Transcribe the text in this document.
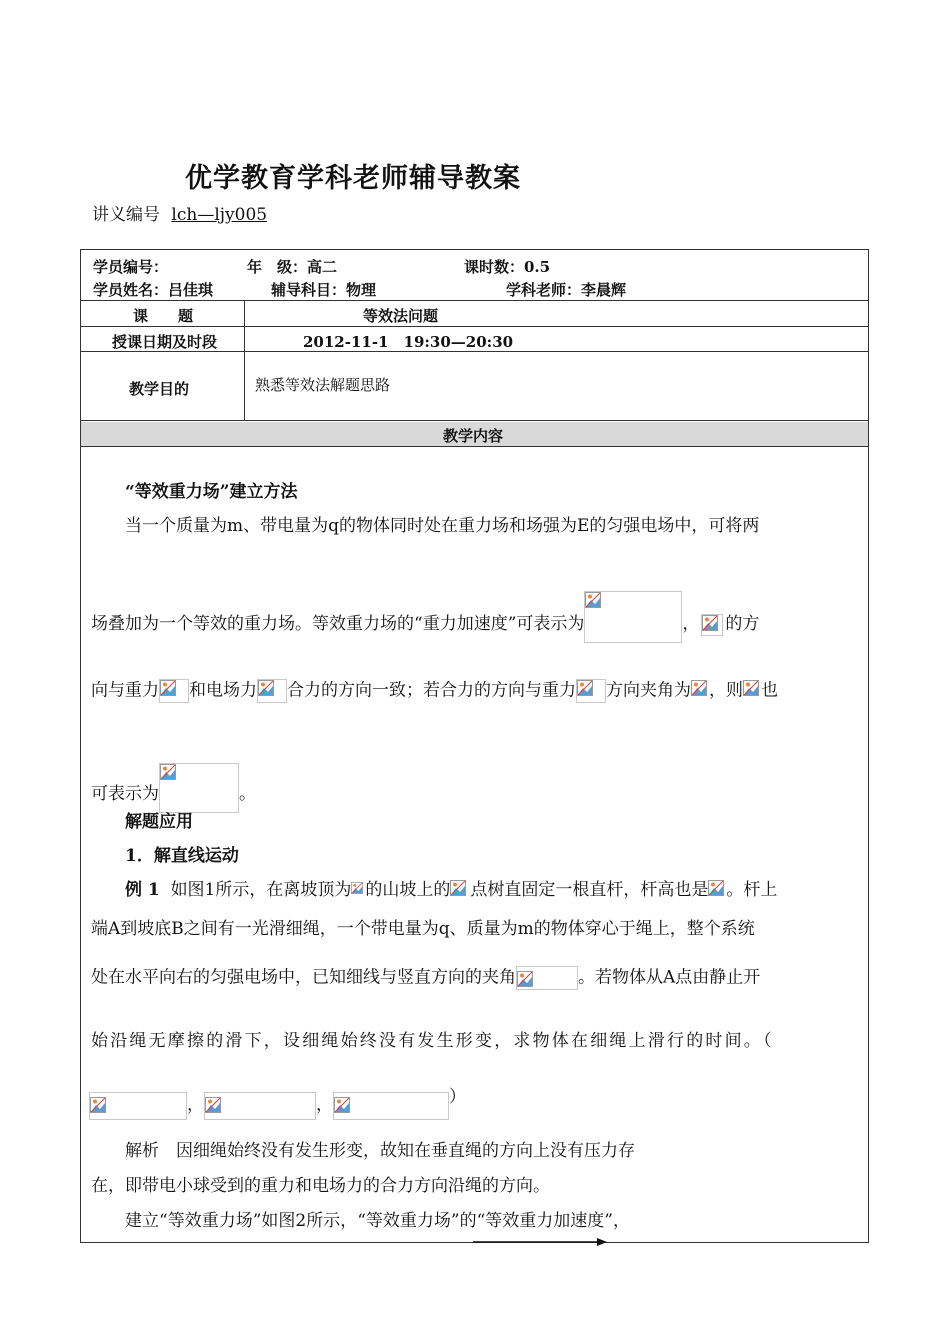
优学教育学科老师辅导教案
讲义编号 lch—ljy005
学员编号：	年　级：高二	课时数：0.5
学员姓名：吕佳琪	辅导科目：物理	学科老师：李晨辉
课　　题	等效法问题
授课日期及时段	2012-11-1　19:30—20:30
教学目的	熟悉等效法解题思路
教学内容
“等效重力场”建立方法
当一个质量为m、带电量为q的物体同时处在重力场和场强为E的匀强电场中，可将两
场叠加为一个等效的重力场。等效重力场的“重力加速度”可表示为	， 的方
向与重力 和电场力 合力的方向一致；若合力的方向与重力 方向夹角为 ，则 也
可表示为	。
解题应用
1．解直线运动
例 1 如图1所示，在离坡顶为 的山坡上的 点树直固定一根直杆，杆高也是 。杆上
端A到坡底B之间有一光滑细绳，一个带电量为q、质量为m的物体穿心于绳上，整个系统
处在水平向右的匀强电场中，已知细线与竖直方向的夹角	。若物体从A点由静止开
始沿绳无摩擦的滑下，设细绳始终没有发生形变，求物体在细绳上滑行的时间。（
，	，	）
解析　因细绳始终没有发生形变，故知在垂直绳的方向上没有压力存
在，即带电小球受到的重力和电场力的合力方向沿绳的方向。
建立“等效重力场”如图2所示，“等效重力场”的“等效重力加速度”，
